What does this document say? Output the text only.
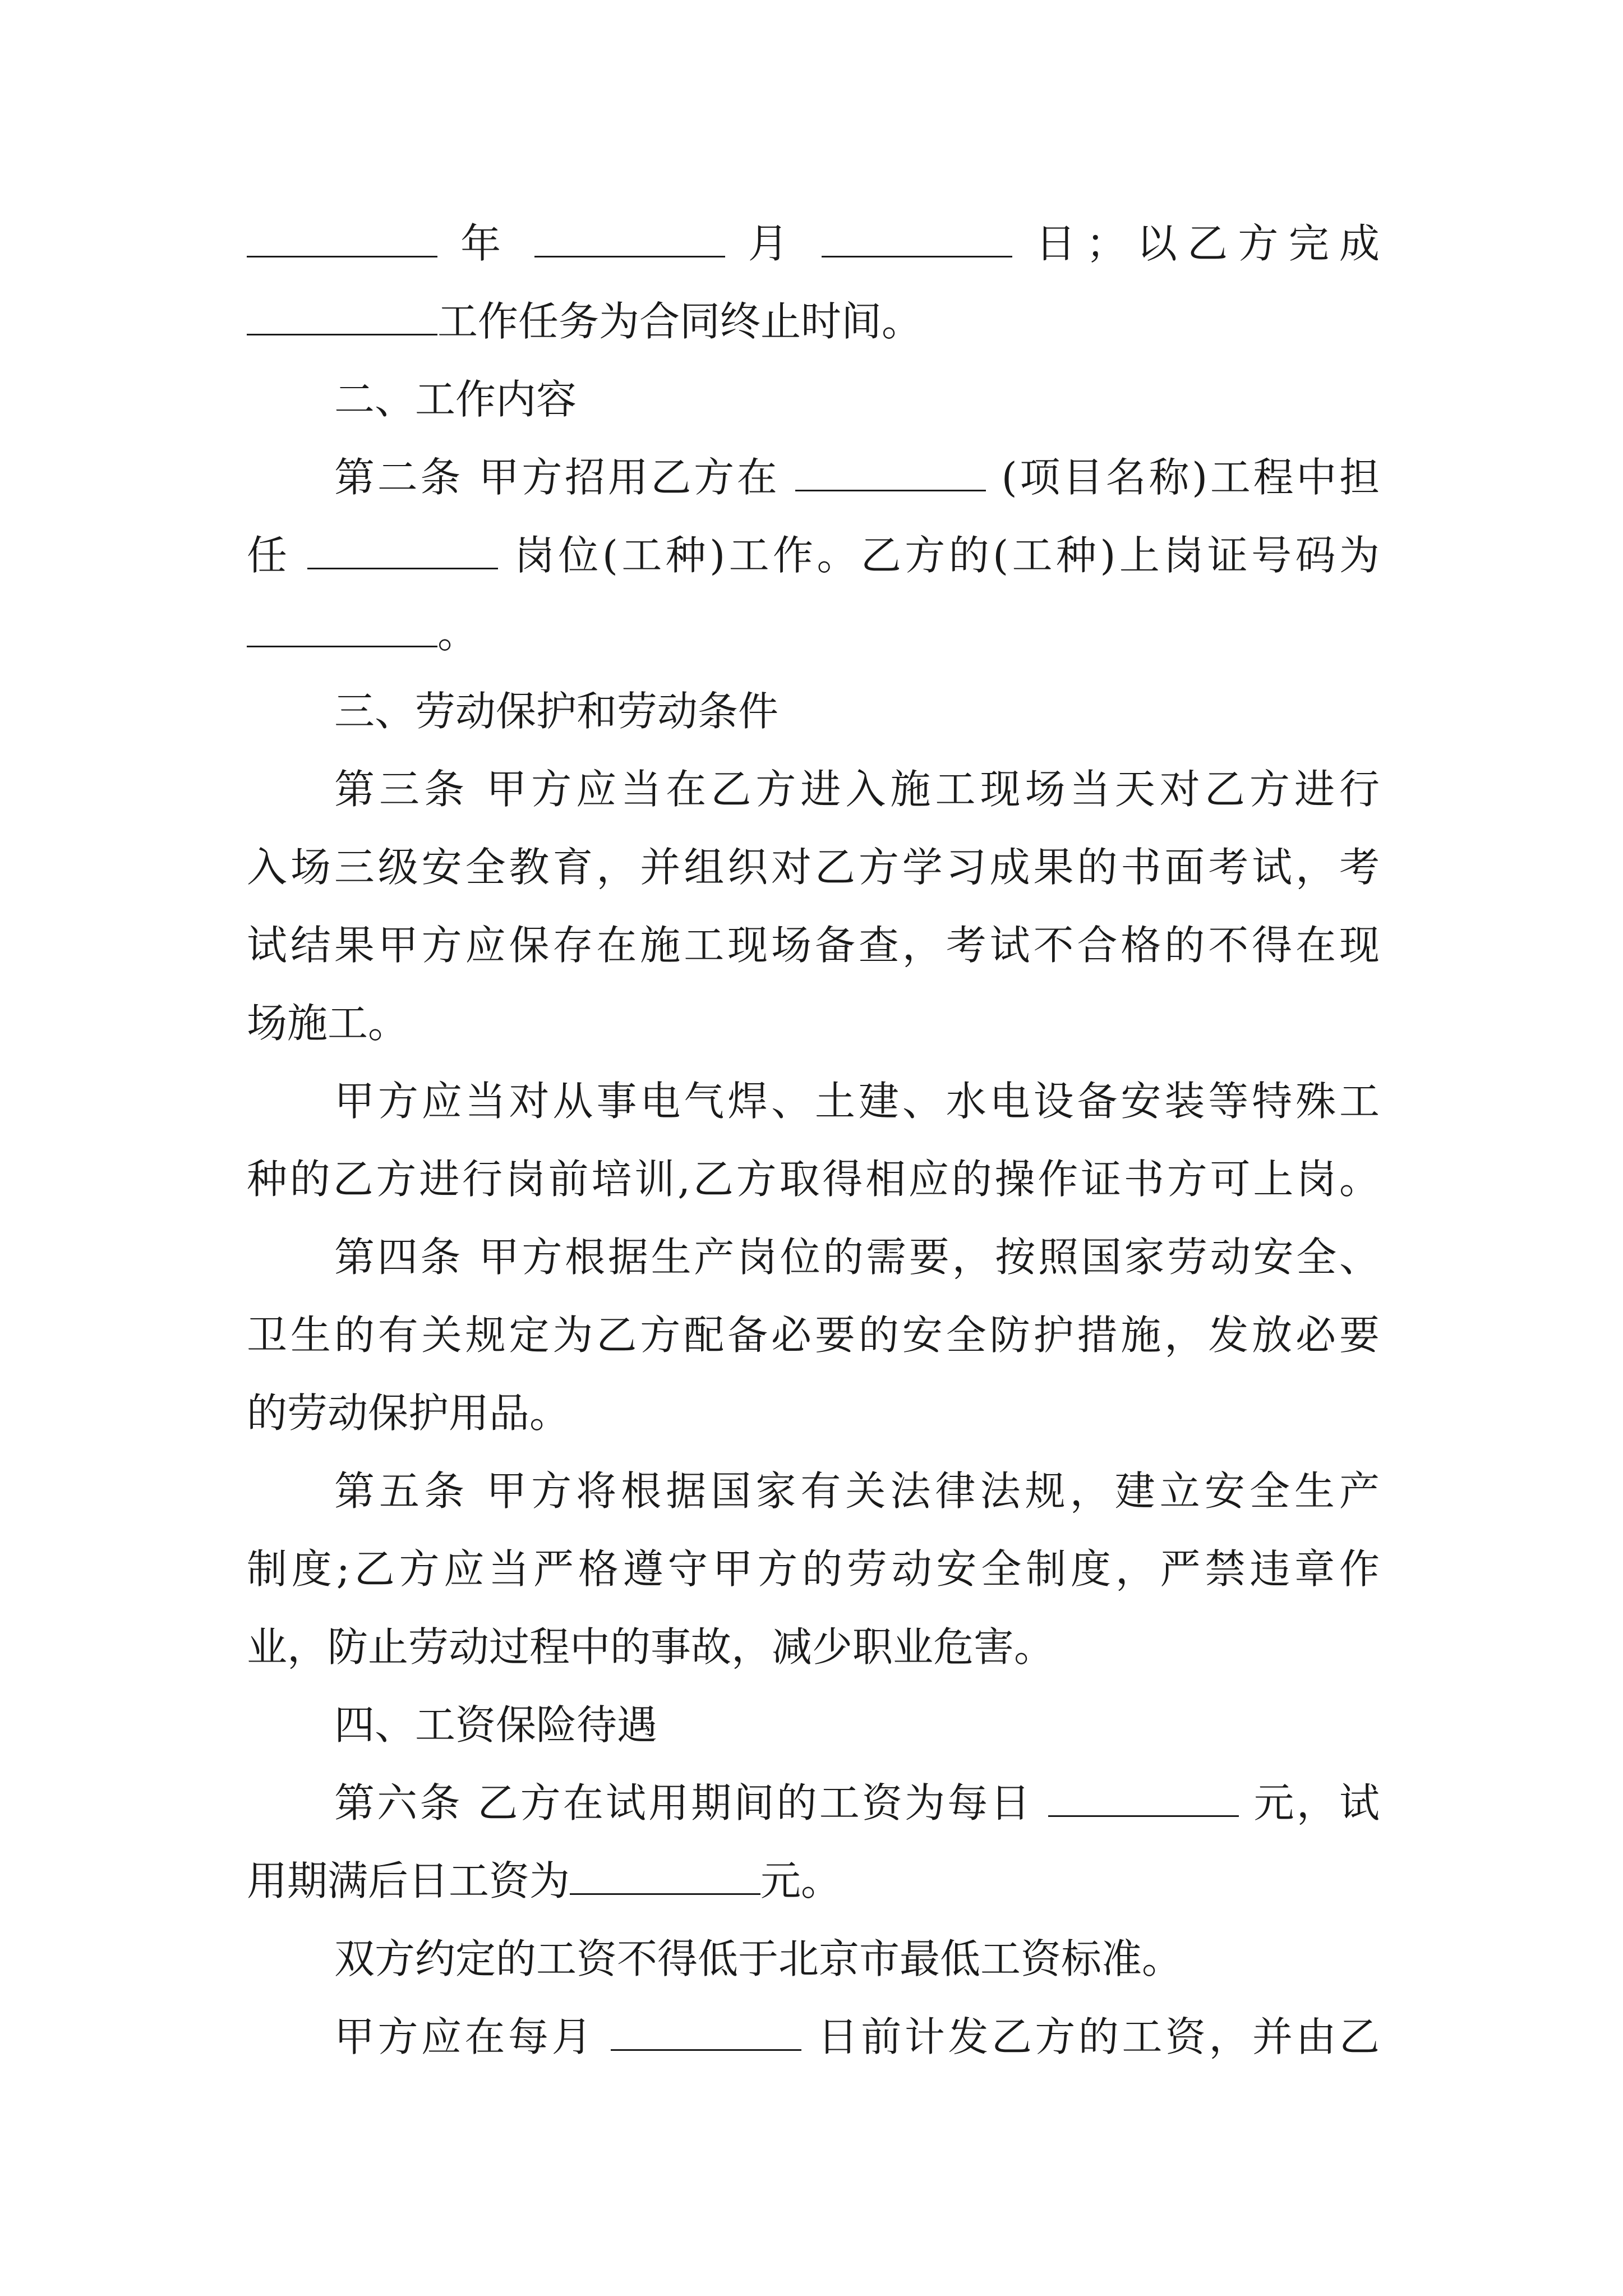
年	月	日；以乙方完成
工作任务为合同终止时间。
二、工作内容
第二条 甲方招用乙方在	(项目名称)工程中担
任	岗位(工种)工作。乙方的(工种)上岗证号码为
。
三、劳动保护和劳动条件
第三条 甲方应当在乙方进入施工现场当天对乙方进行
入场三级安全教育，并组织对乙方学习成果的书面考试，考
试结果甲方应保存在施工现场备查，考试不合格的不得在现
场施工。
甲方应当对从事电气焊、土建、水电设备安装等特殊工
种的乙方进行岗前培训,乙方取得相应的操作证书方可上岗。
第四条 甲方根据生产岗位的需要，按照国家劳动安全、
卫生的有关规定为乙方配备必要的安全防护措施，发放必要
的劳动保护用品。
第五条 甲方将根据国家有关法律法规，建立安全生产
制度;乙方应当严格遵守甲方的劳动安全制度，严禁违章作
业，防止劳动过程中的事故，减少职业危害。
四、工资保险待遇
第六条 乙方在试用期间的工资为每日	元，试
用期满后日工资为	元。
双方约定的工资不得低于北京市最低工资标准。
甲方应在每月	日前计发乙方的工资，并由乙
